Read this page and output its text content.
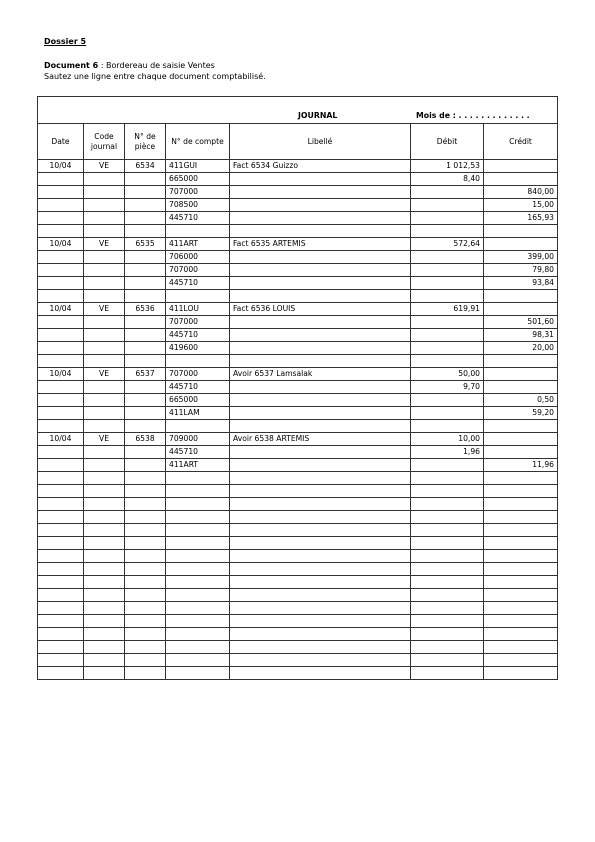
Dossier 5
Document 6 : Bordereau de saisie Ventes
Sautez une ligne entre chaque document comptabilisé.
JOURNAL Mois de : . . . . . . . . . . . . .						

Date	Code journal	N° de pièce	N° de compte	Libellé	Débit	Crédit
10/04	VE	6534	411GUI	Fact 6534 Guizzo	1 012,53	
			665000		8,40	
			707000			840,00
			708500			15,00
			445710			165,93

10/04	VE	6535	411ART	Fact 6535 ARTEMIS	572,64	
			706000			399,00
			707000			79,80
			445710			93,84

10/04	VE	6536	411LOU	Fact 6536 LOUIS	619,91	
			707000			501,60
			445710			98,31
			419600			20,00

10/04	VE	6537	707000	Avoir 6537 Lamsalak	50,00	
			445710		9,70	
			665000			0,50
			411LAM			59,20

10/04	VE	6538	709000	Avoir 6538 ARTEMIS	10,00	
			445710		1,96	
			411ART			11,96
